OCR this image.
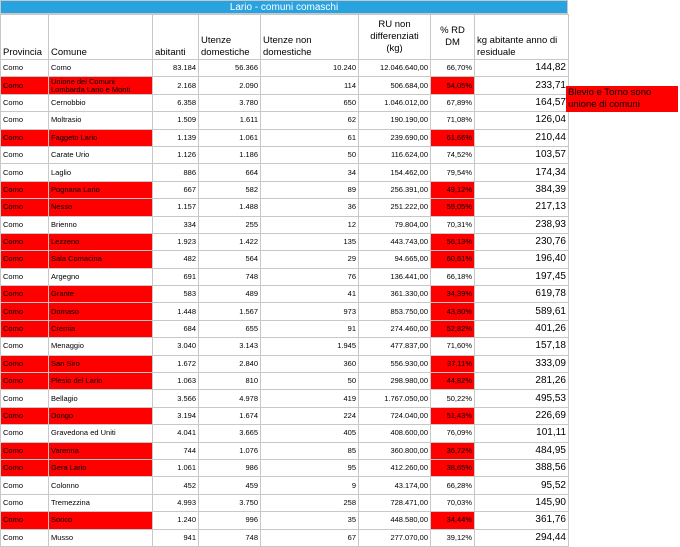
Lario - comuni comaschi
Provincia	Comune	abitanti	Utenze domestiche	Utenze non domestiche	RU non differenziati (kg)	% RD DM	kg abitante anno di residuale
Como	Como	83.184	56.366	10.240	12.046.640,00	66,70%	144,82
Como	Unione dei Comuni Lombarda Lario e Monti	2.168	2.090	114	506.684,00	54,05%	233,71
Como	Cernobbio	6.358	3.780	650	1.046.012,00	67,89%	164,57
Como	Moltrasio	1.509	1.611	62	190.190,00	71,08%	126,04
Como	Faggeto Lario	1.139	1.061	61	239.690,00	61,66%	210,44
Como	Carate Urio	1.126	1.186	50	116.624,00	74,52%	103,57
Como	Laglio	886	664	34	154.462,00	79,54%	174,34
Como	Pognana Lario	667	582	89	256.391,00	49,12%	384,39
Como	Nesso	1.157	1.488	36	251.222,00	59,05%	217,13
Como	Brienno	334	255	12	79.804,00	70,31%	238,93
Como	Lezzeno	1.923	1.422	135	443.743,00	56,13%	230,76
Como	Sala Comacina	482	564	29	94.665,00	60,61%	196,40
Como	Argegno	691	748	76	136.441,00	66,18%	197,45
Como	Grante	583	489	41	361.330,00	34,39%	619,78
Como	Domaso	1.448	1.567	973	853.750,00	43,80%	589,61
Como	Cremia	684	655	91	274.460,00	52,82%	401,26
Como	Menaggio	3.040	3.143	1.945	477.837,00	71,60%	157,18
Como	San Siro	1.672	2.840	360	556.930,00	37,11%	333,09
Como	Plesio del Lario	1.063	810	50	298.980,00	44,82%	281,26
Como	Bellagio	3.566	4.978	419	1.767.050,00	50,22%	495,53
Como	Dongo	3.194	1.674	224	724.040,00	51,43%	226,69
Como	Gravedona ed Uniti	4.041	3.665	405	408.600,00	76,09%	101,11
Como	Varenna	744	1.076	85	360.800,00	36,72%	484,95
Como	Gera Lario	1.061	986	95	412.260,00	38,65%	388,56
Como	Colonno	452	459	9	43.174,00	66,28%	95,52
Como	Tremezzina	4.993	3.750	258	728.471,00	70,03%	145,90
Como	Sorico	1.240	996	35	448.580,00	34,44%	361,76
Como	Musso	941	748	67	277.070,00	39,12%	294,44
Blevio e Torno sono unione di comuni
